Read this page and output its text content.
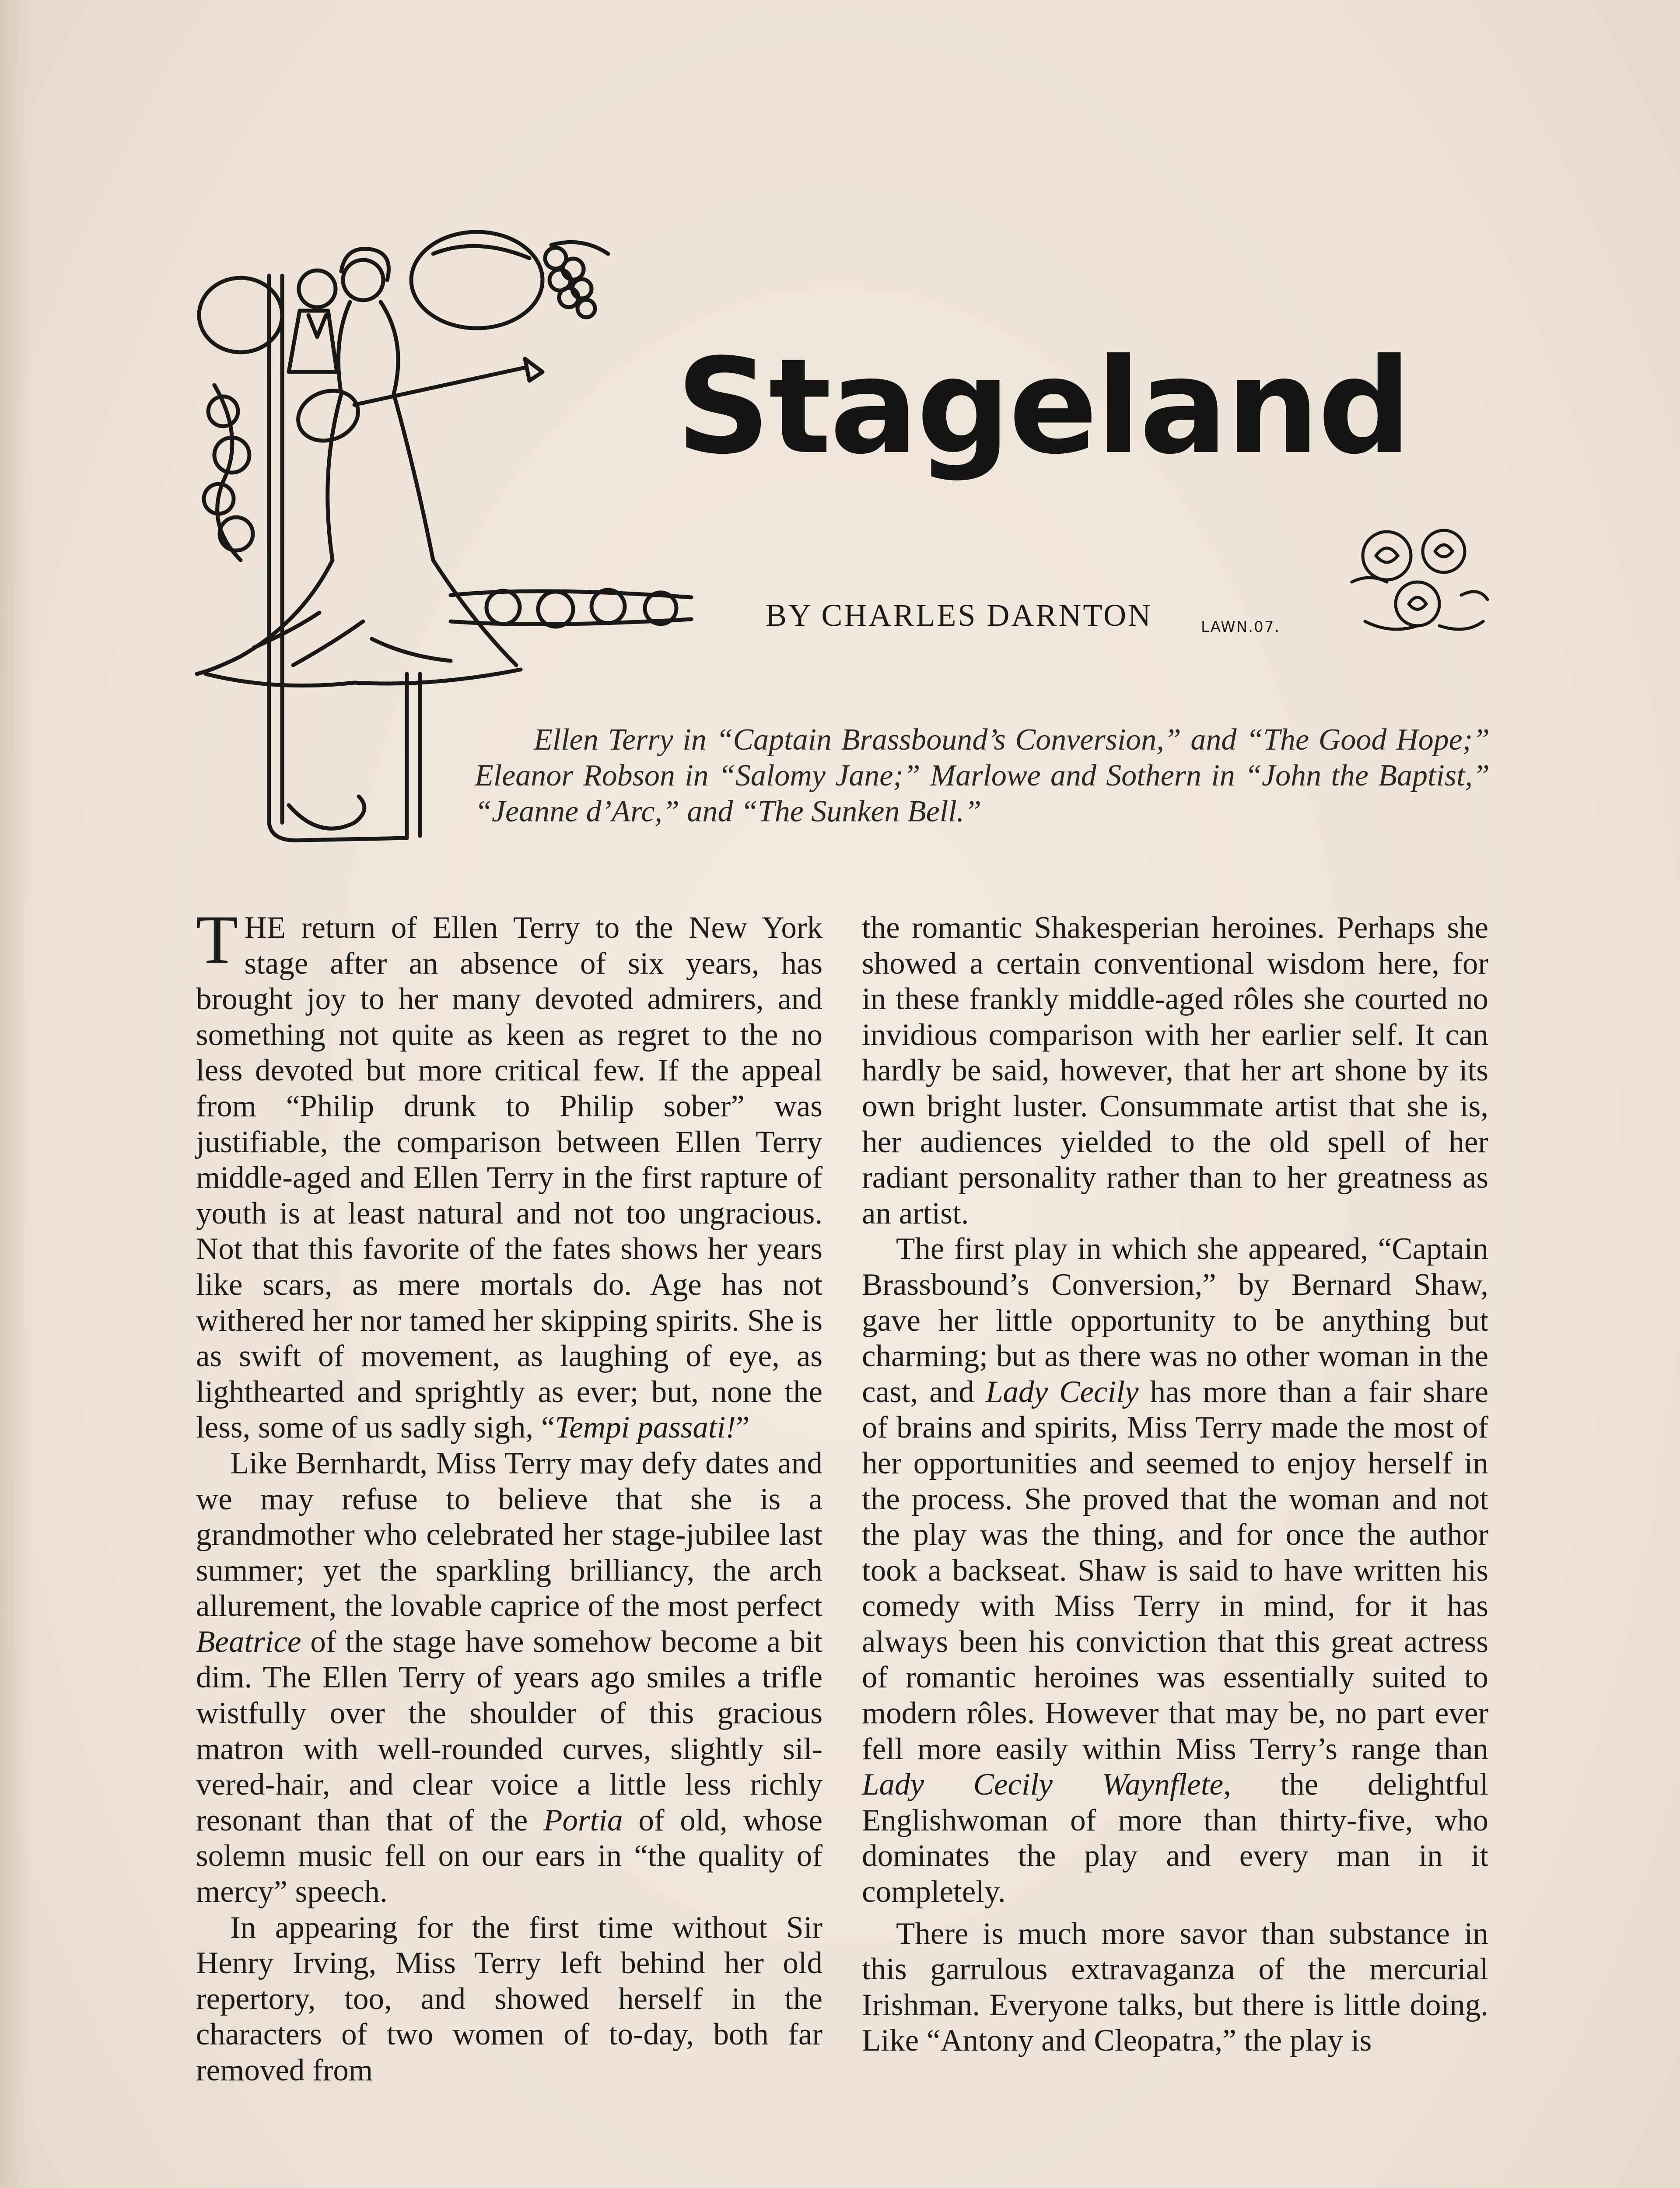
Stageland
BY CHARLES DARNTON	LAWN.07.

Ellen Terry in “Captain Brassbound’s Conversion,” and “The Good Hope;” Eleanor Robson in “Salomy Jane;” Marlowe and Sothern in “John the Baptist,” “Jeanne d’Arc,” and “The Sunken Bell.”

THE return of Ellen Terry to the New York stage after an absence of six years, has brought joy to her many devoted admirers, and something not quite as keen as regret to the no less devoted but more critical few. If the appeal from “Philip drunk to Philip sober” was justifiable, the comparison between Ellen Terry middle-aged and Ellen Terry in the first rapture of youth is at least natural and not too ungracious. Not that this favorite of the fates shows her years like scars, as mere mortals do. Age has not withered her nor tamed her skipping spirits. She is as swift of movement, as laughing of eye, as lighthearted and sprightly as ever; but, none the less, some of us sadly sigh, “Tempi passati!”

Like Bernhardt, Miss Terry may defy dates and we may refuse to believe that she is a grandmother who celebrated her stage-jubilee last summer; yet the sparkling brilliancy, the arch allurement, the lovable caprice of the most perfect Beatrice of the stage have somehow become a bit dim. The Ellen Terry of years ago smiles a trifle wistfully over the shoulder of this gracious matron with well-rounded curves, slightly silvered-hair, and clear voice a little less richly resonant than that of the Portia of old, whose solemn music fell on our ears in “the quality of mercy” speech.

In appearing for the first time without Sir Henry Irving, Miss Terry left behind her old repertory, too, and showed herself in the characters of two women of to-day, both far removed from

the romantic Shakesperian heroines. Perhaps she showed a certain conventional wisdom here, for in these frankly middle-aged rôles she courted no invidious comparison with her earlier self. It can hardly be said, however, that her art shone by its own bright luster. Consummate artist that she is, her audiences yielded to the old spell of her radiant personality rather than to her greatness as an artist.

The first play in which she appeared, “Captain Brassbound’s Conversion,” by Bernard Shaw, gave her little opportunity to be anything but charming; but as there was no other woman in the cast, and Lady Cecily has more than a fair share of brains and spirits, Miss Terry made the most of her opportunities and seemed to enjoy herself in the process. She proved that the woman and not the play was the thing, and for once the author took a backseat. Shaw is said to have written his comedy with Miss Terry in mind, for it has always been his conviction that this great actress of romantic heroines was essentially suited to modern rôles. However that may be, no part ever fell more easily within Miss Terry’s range than Lady Cecily Waynflete, the delightful Englishwoman of more than thirty-five, who dominates the play and every man in it completely.

There is much more savor than substance in this garrulous extravaganza of the mercurial Irishman. Everyone talks, but there is little doing. Like “Antony and Cleopatra,” the play is
